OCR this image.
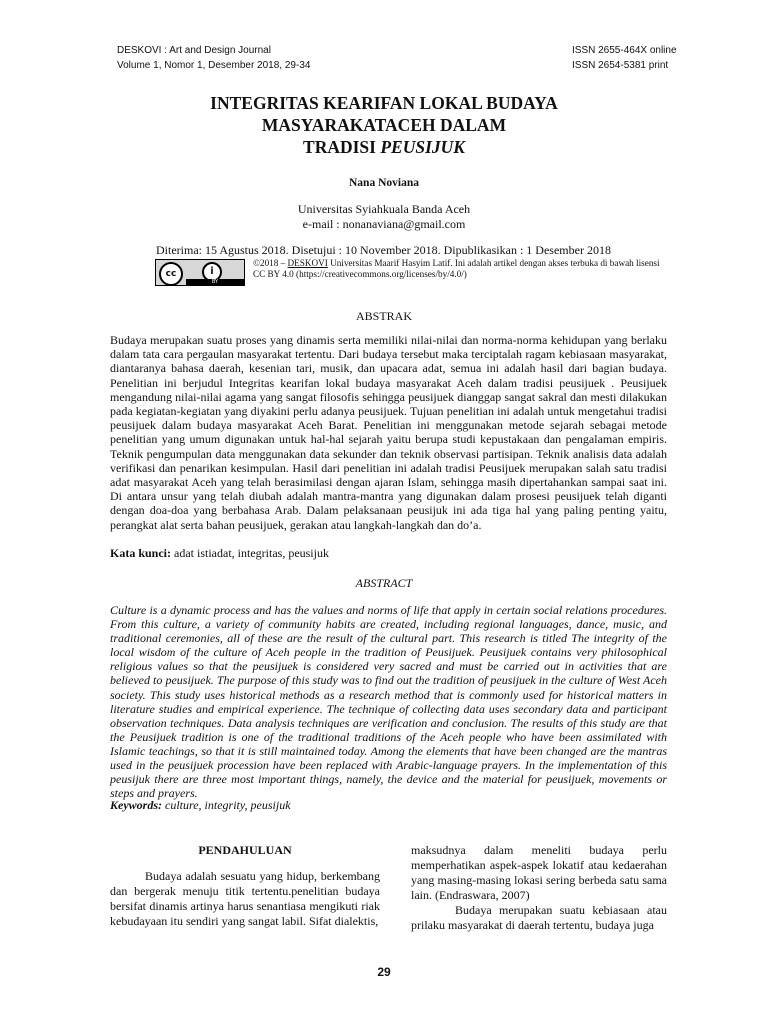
DESKOVI : Art and Design Journal
Volume 1, Nomor 1, Desember 2018, 29-34
ISSN 2655-464X online
ISSN 2654-5381 print
INTEGRITAS KEARIFAN LOKAL BUDAYA
MASYARAKATACEH DALAM
TRADISI PEUSIJUK
Nana Noviana
Universitas Syiahkuala Banda Aceh
e-mail : nonanaviana@gmail.com
Diterima: 15 Agustus 2018. Disetujui : 10 November 2018. Dipublikasikan : 1 Desember 2018
cc	i
BY
©2018 – DESKOVI Universitas Maarif Hasyim Latif. Ini adalah artikel dengan akses terbuka di bawah lisensi CC BY 4.0 (https://creativecommons.org/licenses/by/4.0/)
ABSTRAK
Budaya merupakan suatu proses yang dinamis serta memiliki nilai-nilai dan norma-norma kehidupan yang berlaku dalam tata cara pergaulan masyarakat tertentu. Dari budaya tersebut maka terciptalah ragam kebiasaan masyarakat, diantaranya bahasa daerah, kesenian tari, musik, dan upacara adat, semua ini adalah hasil dari bagian budaya. Penelitian ini berjudul Integritas kearifan lokal budaya masyarakat Aceh dalam tradisi peusijuek . Peusijuek mengandung nilai-nilai agama yang sangat filosofis sehingga peusijuek dianggap sangat sakral dan mesti dilakukan pada kegiatan-kegiatan yang diyakini perlu adanya peusijuek. Tujuan penelitian ini adalah untuk mengetahui tradisi peusijuek dalam budaya masyarakat Aceh Barat. Penelitian ini menggunakan metode sejarah sebagai metode penelitian yang umum digunakan untuk hal-hal sejarah yaitu berupa studi kepustakaan dan pengalaman empiris. Teknik pengumpulan data menggunakan data sekunder dan teknik observasi partisipan. Teknik analisis data adalah verifikasi dan penarikan kesimpulan. Hasil dari penelitian ini adalah tradisi Peusijuek merupakan salah satu tradisi adat masyarakat Aceh yang telah berasimilasi dengan ajaran Islam, sehingga masih dipertahankan sampai saat ini. Di antara unsur yang telah diubah adalah mantra-mantra yang digunakan dalam prosesi peusijuek telah diganti dengan doa-doa yang berbahasa Arab. Dalam pelaksanaan peusijuk ini ada tiga hal yang paling penting yaitu, perangkat alat serta bahan peusijuek, gerakan atau langkah-langkah dan do’a.
Kata kunci: adat istiadat, integritas, peusijuk
ABSTRACT
Culture is a dynamic process and has the values and norms of life that apply in certain social relations procedures. From this culture, a variety of community habits are created, including regional languages, dance, music, and traditional ceremonies, all of these are the result of the cultural part. This research is titled The integrity of the local wisdom of the culture of Aceh people in the tradition of Peusijuek. Peusijuek contains very philosophical religious values so that the peusijuek is considered very sacred and must be carried out in activities that are believed to peusijuek. The purpose of this study was to find out the tradition of peusijuek in the culture of West Aceh society. This study uses historical methods as a research method that is commonly used for historical matters in literature studies and empirical experience. The technique of collecting data uses secondary data and participant observation techniques. Data analysis techniques are verification and conclusion. The results of this study are that the Peusijuek tradition is one of the traditional traditions of the Aceh people who have been assimilated with Islamic teachings, so that it is still maintained today. Among the elements that have been changed are the mantras used in the peusijuek procession have been replaced with Arabic-language prayers. In the implementation of this peusijuk there are three most important things, namely, the device and the material for peusijuek, movements or steps and prayers.
Keywords: culture, integrity, peusijuk
PENDAHULUAN

Budaya adalah sesuatu yang hidup, berkembang dan bergerak menuju titik tertentu.penelitian budaya bersifat dinamis artinya harus senantiasa mengikuti riak kebudayaan itu sendiri yang sangat labil. Sifat dialektis,

maksudnya dalam meneliti budaya perlu memperhatikan aspek-aspek lokatif atau kedaerahan yang masing-masing lokasi sering berbeda satu sama lain. (Endraswara, 2007)

Budaya merupakan suatu kebiasaan atau prilaku masyarakat di daerah tertentu, budaya juga

29
